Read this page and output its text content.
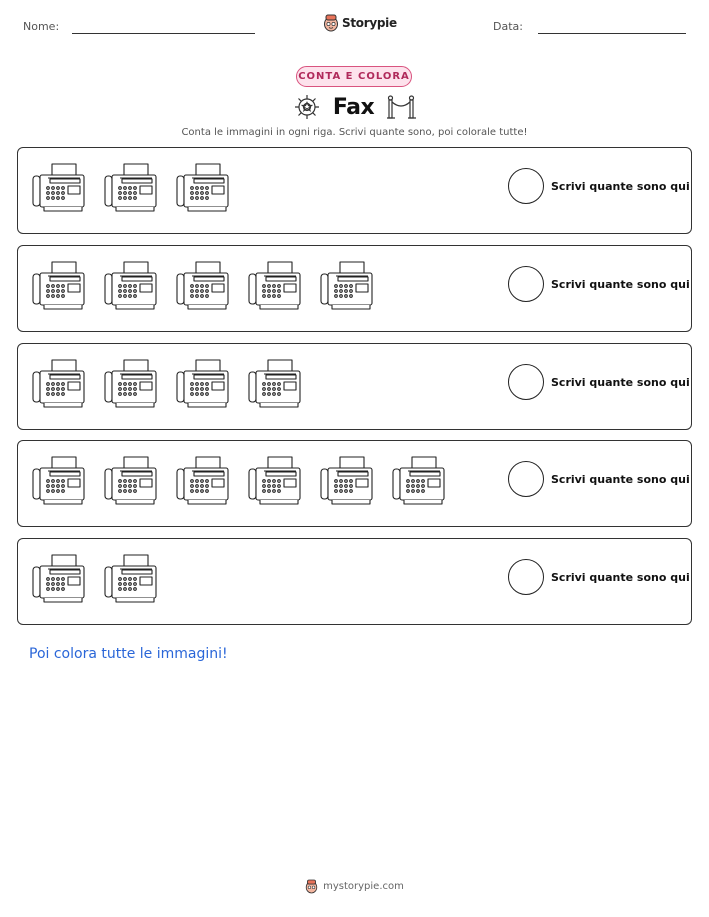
Nome:	Storypie	Data:
CONTA E COLORA
Fax
Conta le immagini in ogni riga. Scrivi quante sono, poi colorale tutte!
Scrivi quante sono qui
Scrivi quante sono qui
Scrivi quante sono qui
Scrivi quante sono qui
Scrivi quante sono qui
Poi colora tutte le immagini!
mystorypie.com
